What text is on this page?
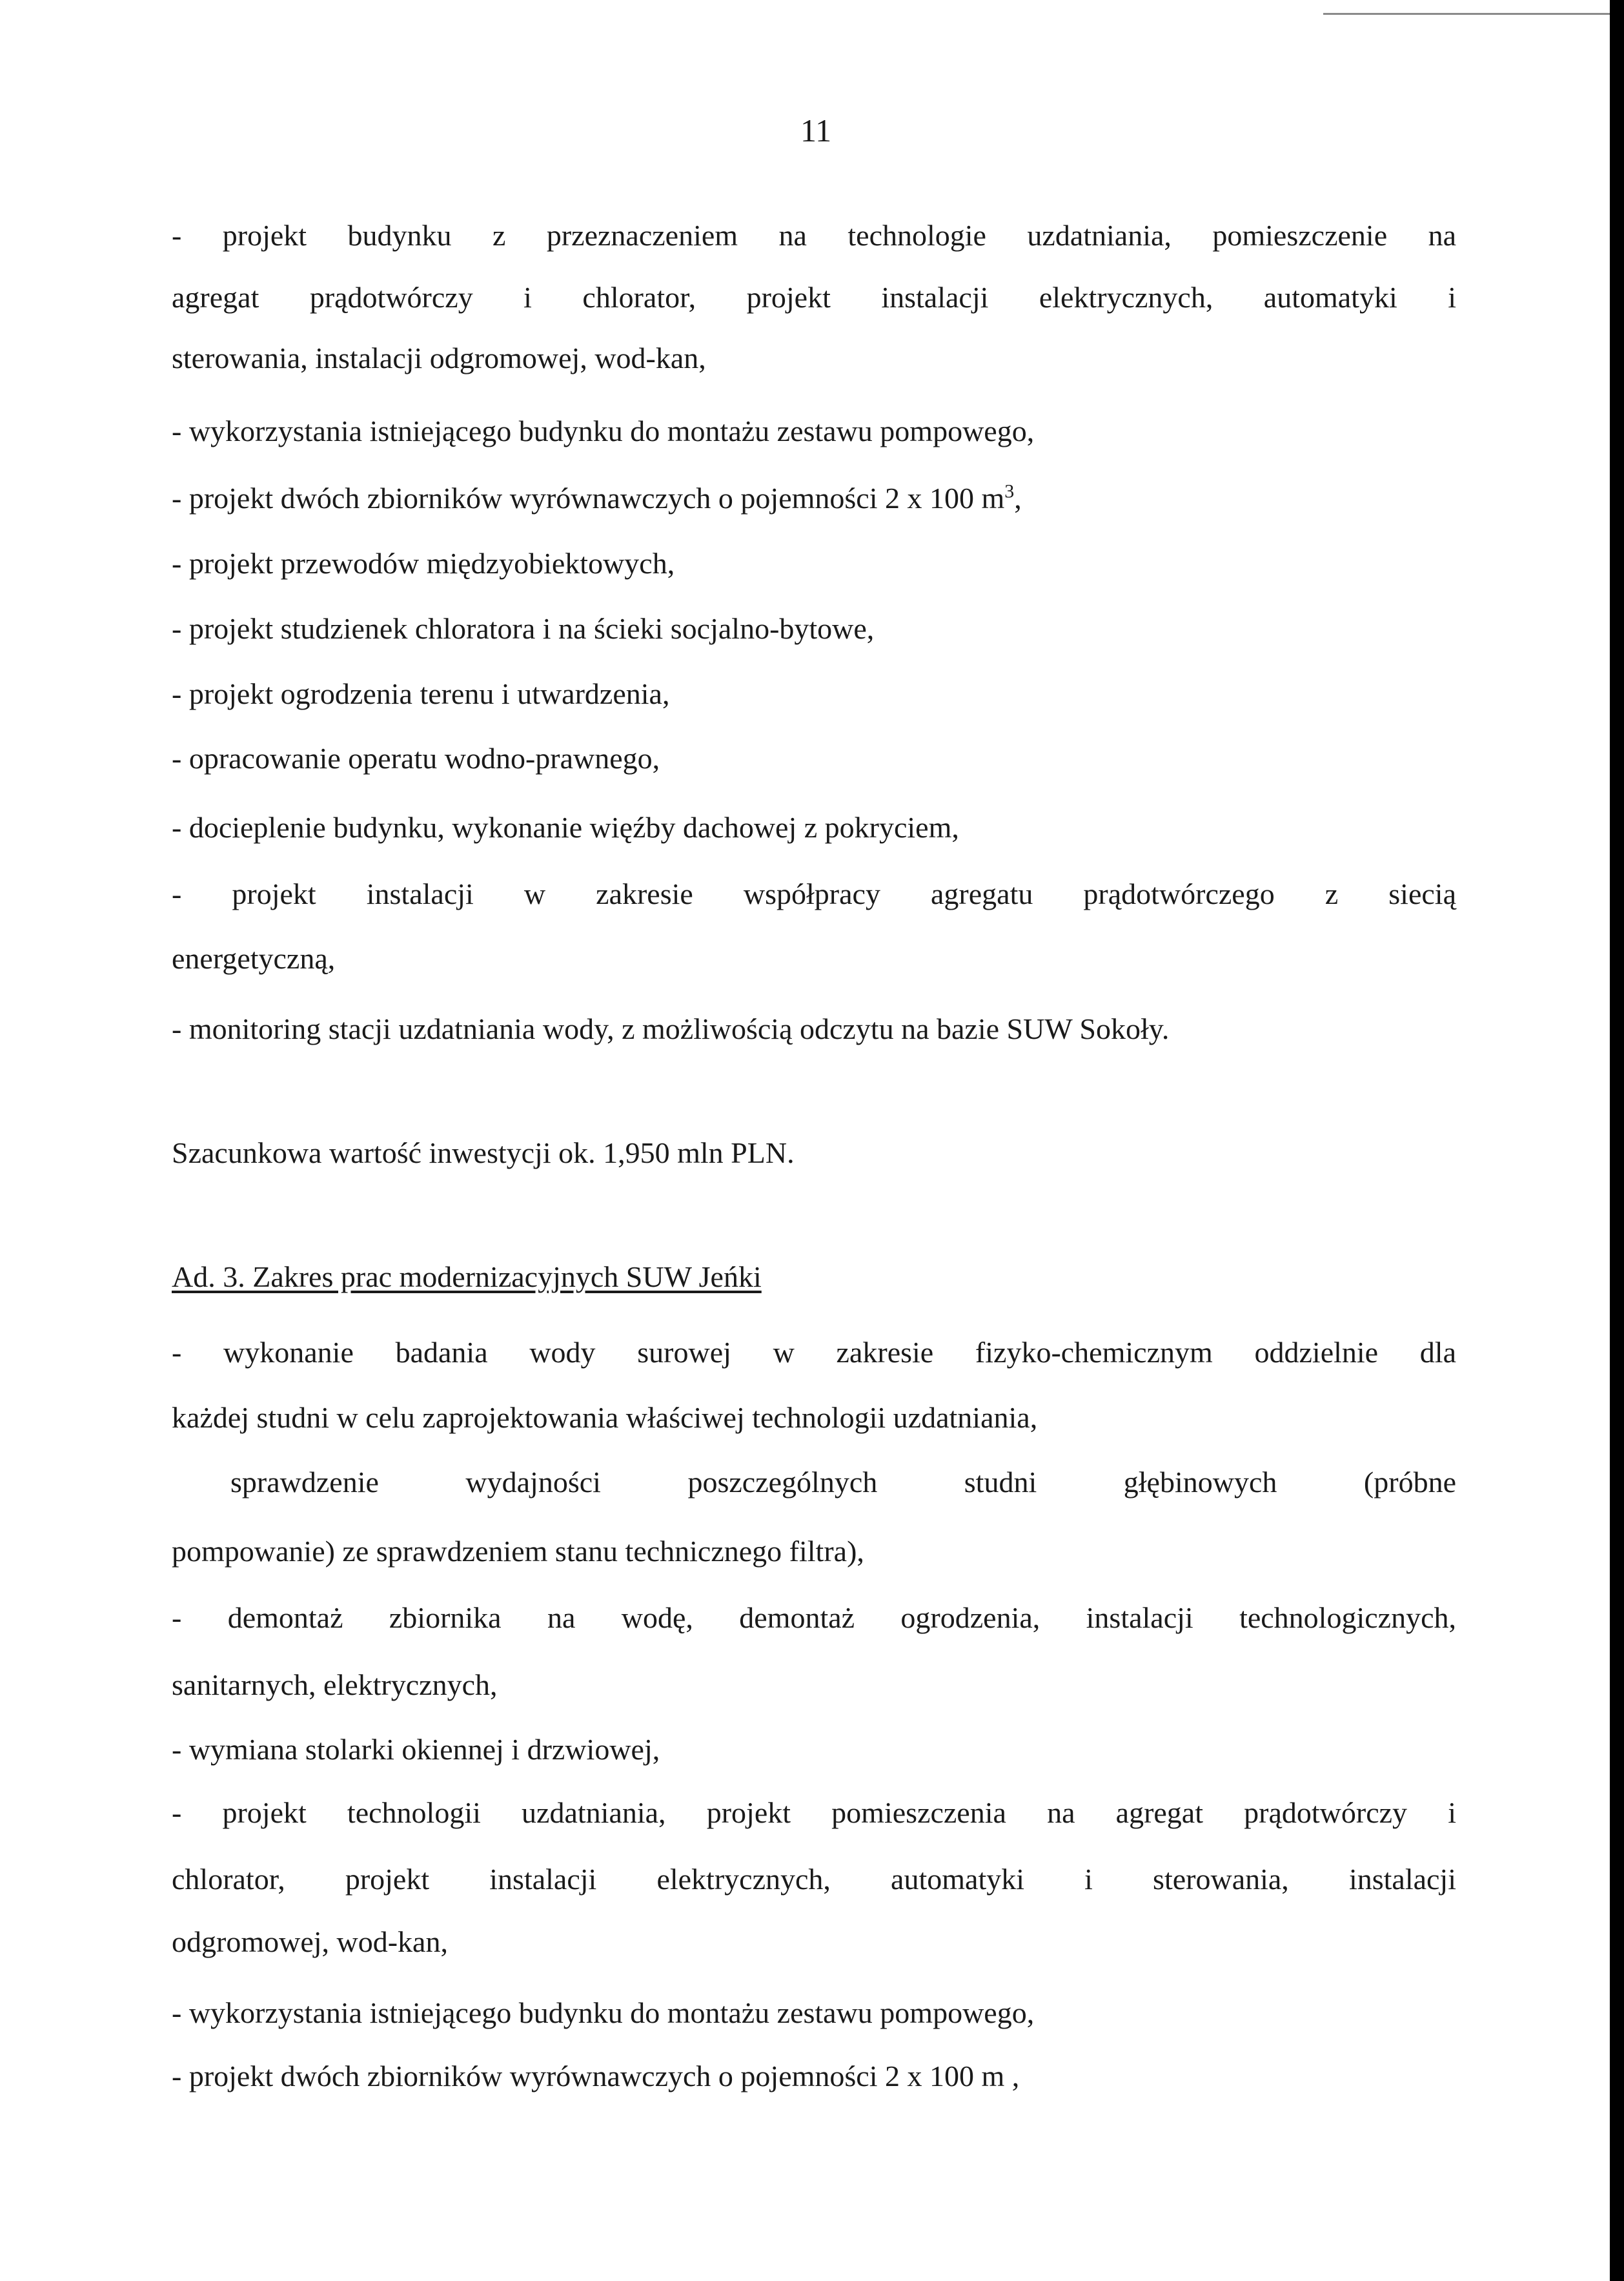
11
- projekt budynku z przeznaczeniem na technologie uzdatniania, pomieszczenie na
agregat prądotwórczy i chlorator, projekt instalacji elektrycznych, automatyki i
sterowania, instalacji odgromowej, wod-kan,
- wykorzystania istniejącego budynku do montażu zestawu pompowego,
- projekt dwóch zbiorników wyrównawczych o pojemności 2 x 100 $m^3$,
- projekt przewodów międzyobiektowych,
- projekt studzienek chloratora i na ścieki socjalno-bytowe,
- projekt ogrodzenia terenu i utwardzenia,
- opracowanie operatu wodno-prawnego,
- docieplenie budynku, wykonanie więźby dachowej z pokryciem,
- projekt instalacji w zakresie współpracy agregatu prądotwórczego z siecią
energetyczną,
- monitoring stacji uzdatniania wody, z możliwością odczytu na bazie SUW Sokoły.
Szacunkowa wartość inwestycji ok. 1,950 mln PLN.
Ad. 3. Zakres prac modernizacyjnych SUW Jeńki
- wykonanie badania wody surowej w zakresie fizyko-chemicznym oddzielnie dla
każdej studni w celu zaprojektowania właściwej technologii uzdatniania,
sprawdzenie wydajności poszczególnych studni głębinowych (próbne
pompowanie) ze sprawdzeniem stanu technicznego filtra),
- demontaż zbiornika na wodę, demontaż ogrodzenia, instalacji technologicznych,
sanitarnych, elektrycznych,
- wymiana stolarki okiennej i drzwiowej,
- projekt technologii uzdatniania, projekt pomieszczenia na agregat prądotwórczy i
chlorator, projekt instalacji elektrycznych, automatyki i sterowania, instalacji
odgromowej, wod-kan,
- wykorzystania istniejącego budynku do montażu zestawu pompowego,
- projekt dwóch zbiorników wyrównawczych o pojemności 2 x 100 m ,
